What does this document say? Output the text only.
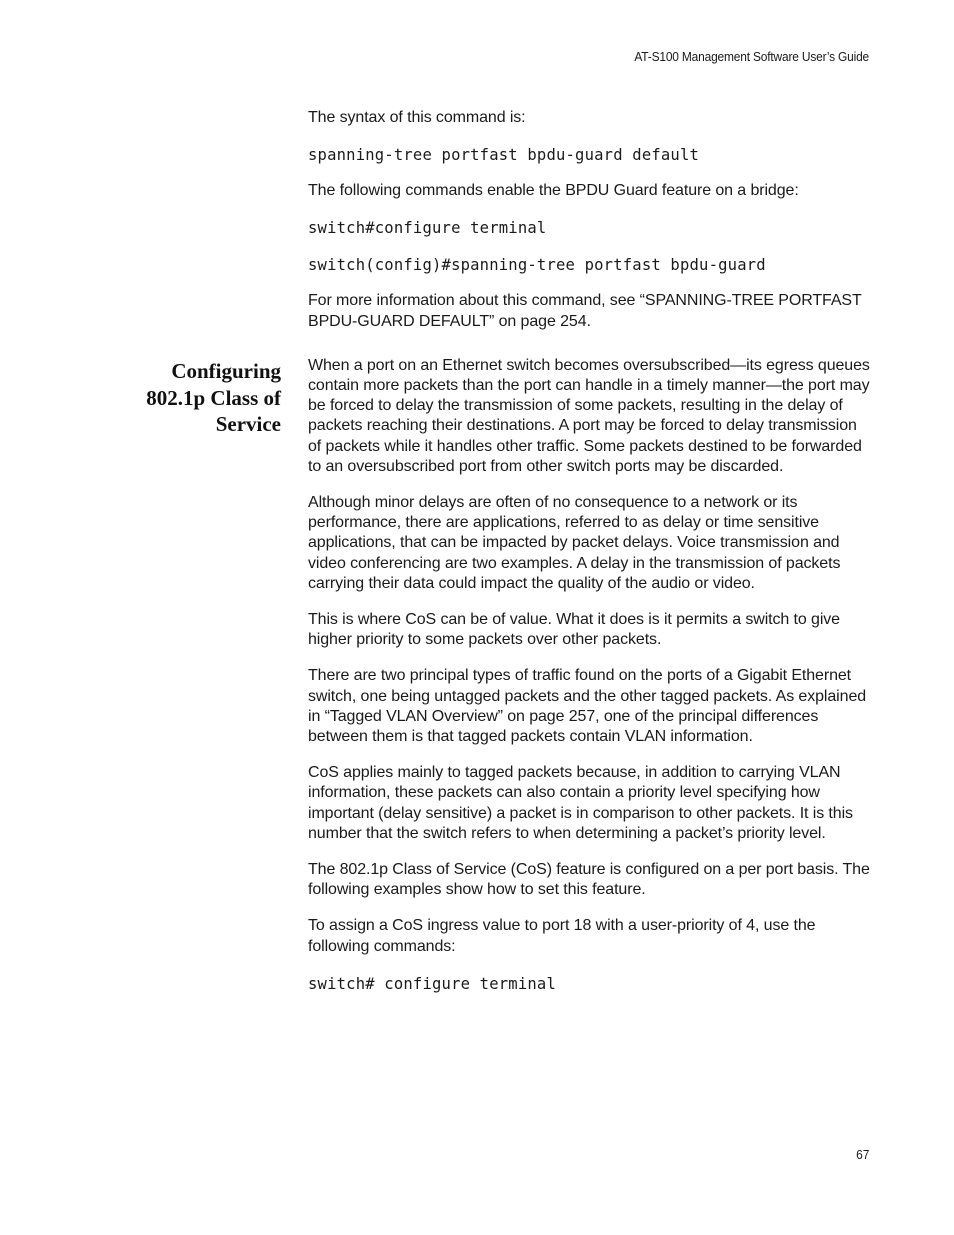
AT-S100 Management Software User’s Guide
Configuring
802.1p Class of
Service

The syntax of this command is:

spanning-tree portfast bpdu-guard default

The following commands enable the BPDU Guard feature on a bridge:

switch#configure terminal
switch(config)#spanning-tree portfast bpdu-guard

For more information about this command, see “SPANNING-TREE PORTFAST BPDU-GUARD DEFAULT” on page 254.

When a port on an Ethernet switch becomes oversubscribed—its egress queues contain more packets than the port can handle in a timely manner—the port may be forced to delay the transmission of some packets, resulting in the delay of packets reaching their destinations. A port may be forced to delay transmission of packets while it handles other traffic. Some packets destined to be forwarded to an oversubscribed port from other switch ports may be discarded.

Although minor delays are often of no consequence to a network or its performance, there are applications, referred to as delay or time sensitive applications, that can be impacted by packet delays. Voice transmission and video conferencing are two examples. A delay in the transmission of packets carrying their data could impact the quality of the audio or video.

This is where CoS can be of value. What it does is it permits a switch to give higher priority to some packets over other packets.

There are two principal types of traffic found on the ports of a Gigabit Ethernet switch, one being untagged packets and the other tagged packets. As explained in “Tagged VLAN Overview” on page 257, one of the principal differences between them is that tagged packets contain VLAN information.

CoS applies mainly to tagged packets because, in addition to carrying VLAN information, these packets can also contain a priority level specifying how important (delay sensitive) a packet is in comparison to other packets. It is this number that the switch refers to when determining a packet’s priority level.

The 802.1p Class of Service (CoS) feature is configured on a per port basis. The following examples show how to set this feature.

To assign a CoS ingress value to port 18 with a user-priority of 4, use the following commands:

switch# configure terminal
67
